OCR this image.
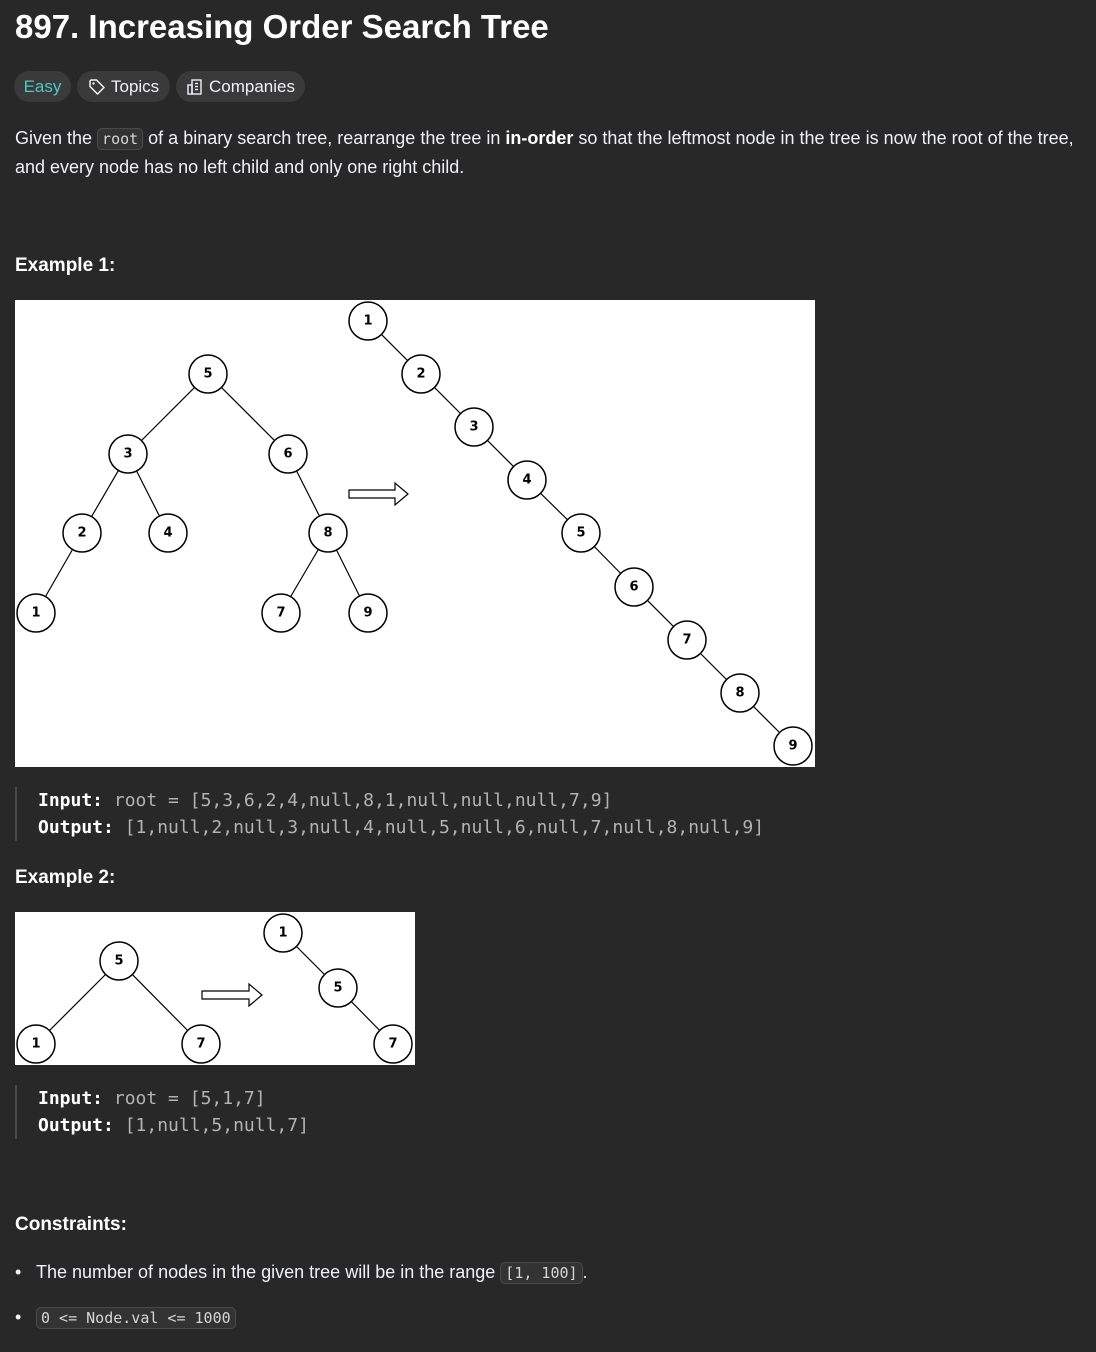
897. Increasing Order Search Tree
Easy	Topics	Companies

Given the root of a binary search tree, rearrange the tree in in-order so that the leftmost node in the tree is now the root of the tree, and every node has no left child and only one right child.

Example 1:
5
3	6
2	4	8
1	7	9
1
2
3
4
5
6
7
8
9
Input: root = [5,3,6,2,4,null,8,1,null,null,null,7,9]
Output: [1,null,2,null,3,null,4,null,5,null,6,null,7,null,8,null,9]
Example 2:
5
1	7
1
5
7
Input: root = [5,1,7]
Output: [1,null,5,null,7]
Constraints:
• The number of nodes in the given tree will be in the range [1, 100] .
• 0 <= Node.val <= 1000
